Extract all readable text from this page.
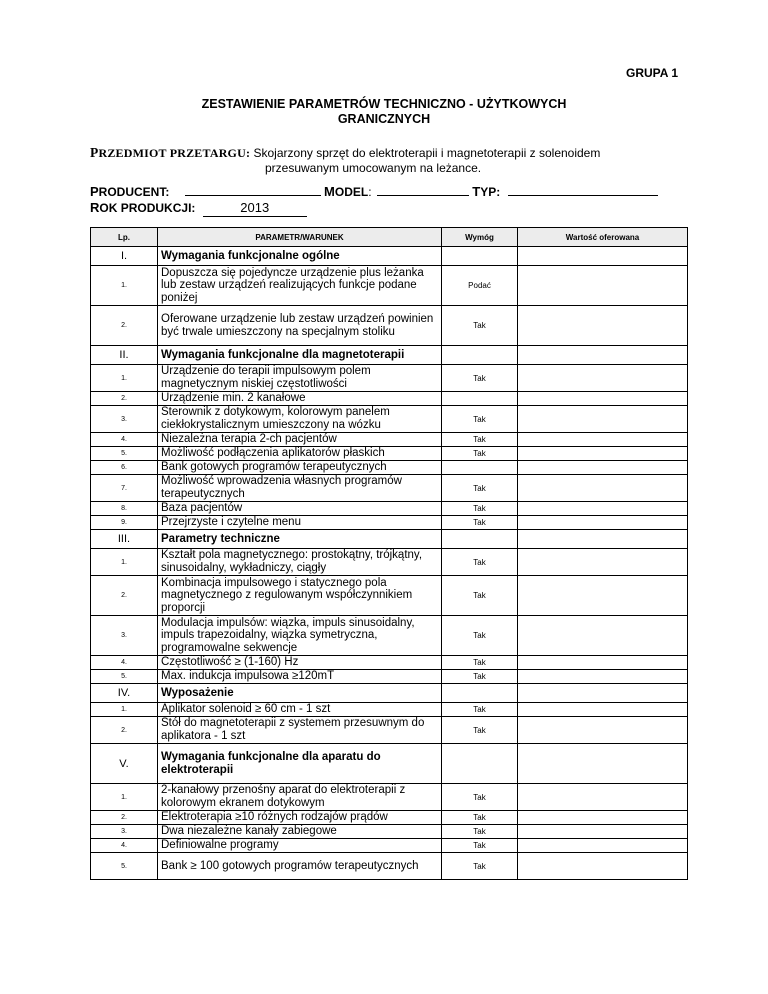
GRUPA 1
ZESTAWIENIE PARAMETRÓW TECHNICZNO - UŻYTKOWYCH
GRANICZNYCH
PRZEDMIOT PRZETARGU: Skojarzony sprzęt do elektroterapii i magnetoterapii z solenoidem
przesuwanym umocowanym na leżance.
PRODUCENT:	MODEL:	TYP:
ROK PRODUKCJI:	2013
Lp.	PARAMETR/WARUNEK	Wymóg	Wartość oferowana
I.	Wymagania funkcjonalne ogólne		
1.	Dopuszcza się pojedyncze urządzenie plus leżanka lub zestaw urządzeń realizujących funkcje podane poniżej	Podać	
2.	Oferowane urządzenie lub zestaw urządzeń powinien być trwale umieszczony na specjalnym stoliku	Tak	
II.	Wymagania funkcjonalne dla magnetoterapii		
1.	Urządzenie do terapii impulsowym polem magnetycznym niskiej częstotliwości	Tak	
2.	Urządzenie min. 2 kanałowe		
3.	Sterownik z dotykowym, kolorowym panelem ciekłokrystalicznym umieszczony na wózku	Tak	
4.	Niezależna terapia 2-ch pacjentów	Tak	
5.	Możliwość podłączenia aplikatorów płaskich	Tak	
6.	Bank gotowych programów terapeutycznych		
7.	Możliwość wprowadzenia własnych programów terapeutycznych	Tak	
8.	Baza pacjentów	Tak	
9.	Przejrzyste i czytelne menu	Tak	
III.	Parametry techniczne		
1.	Kształt pola magnetycznego: prostokątny, trójkątny, sinusoidalny, wykładniczy, ciągły	Tak	
2.	Kombinacja impulsowego i statycznego pola magnetycznego z regulowanym współczynnikiem proporcji	Tak	
3.	Modulacja impulsów: wiązka, impuls sinusoidalny, impuls trapezoidalny, wiązka symetryczna, programowalne sekwencje	Tak	
4.	Częstotliwość ≥ (1-160) Hz	Tak	
5.	Max. indukcja impulsowa ≥120mT	Tak	
IV.	Wyposażenie		
1.	Aplikator solenoid ≥ 60 cm - 1 szt	Tak	
2.	Stół do magnetoterapii z systemem przesuwnym do aplikatora - 1 szt	Tak	
V.	Wymagania funkcjonalne dla aparatu do elektroterapii		
1.	2-kanałowy przenośny aparat do elektroterapii z kolorowym ekranem dotykowym	Tak	
2.	Elektroterapia ≥10 różnych rodzajów prądów	Tak	
3.	Dwa niezależne kanały zabiegowe	Tak	
4.	Definiowalne programy	Tak	
5.	Bank ≥ 100 gotowych programów terapeutycznych	Tak	
